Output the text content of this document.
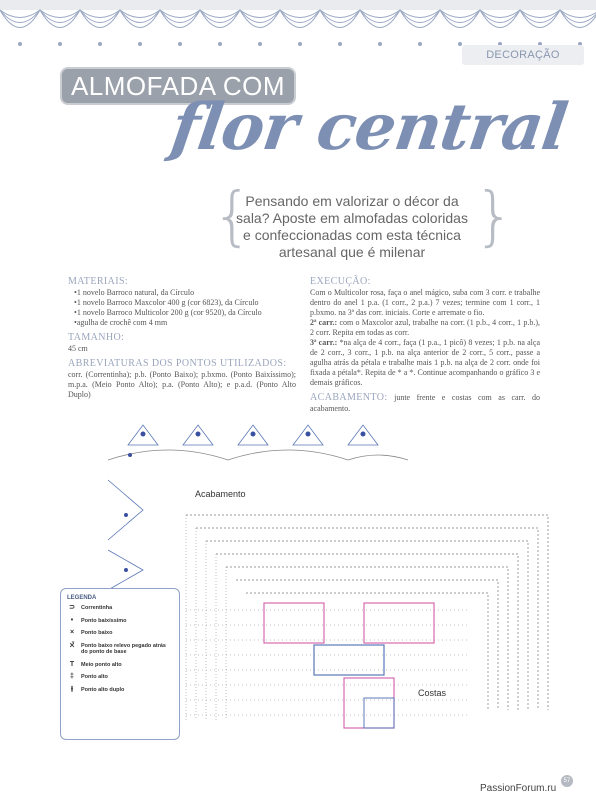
DECORAÇÃO
ALMOFADA COM
flor central
{
Pensando em valorizar o décor da sala? Aposte em almofadas coloridas e confeccionadas com esta técnica artesanal que é milenar }
MATERIAIS:
• 1 novelo Barroco natural, da Círculo
• 1 novelo Barroco Maxcolor 400 g (cor 6823), da Círculo
• 1 novelo Barroco Multicolor 200 g (cor 9520), da Círculo
• agulha de crochê com 4 mm
TAMANHO:

45 cm

ABREVIATURAS DOS PONTOS UTILIZADOS:

corr. (Correntinha); p.b. (Ponto Baixo); p.bxmo. (Ponto Baixíssimo); m.p.a. (Meio Ponto Alto); p.a. (Ponto Alto); e p.a.d. (Ponto Alto Duplo)

EXECUÇÃO:

Com o Multicolor rosa, faça o anel mágico, suba com 3 corr. e trabalhe dentro do anel 1 p.a. (1 corr., 2 p.a.) 7 vezes; termine com 1 corr., 1 p.bxmo. na 3ª das corr. iniciais. Corte e arremate o fio.

2ª carr.: com o Maxcolor azul, trabalhe na corr. (1 p.b., 4 corr., 1 p.b.), 2 corr. Repita em todas as corr.

3ª carr.: *na alça de 4 corr., faça (1 p.a., 1 picô) 8 vezes; 1 p.b. na alça de 2 corr., 3 corr., 1 p.b. na alça anterior de 2 corr., 5 corr., passe a agulha atrás da pétala e trabalhe mais 1 p.b. na alça de 2 corr. onde foi fixada a pétala*. Repita de * a *. Continue acompanhando o gráfico 3 e demais gráficos.

ACABAMENTO: junte frente e costas com as carr. do acabamento.

Acabamento
Costas
LEGENDA
⊃	Correntinha
•	Ponto baixíssimo
×	Ponto baixo
⨯̆	Ponto baixo relevo pegado atrás do ponto de base
T	Meio ponto alto
‡	Ponto alto
⫲	Ponto alto duplo
PassionForum.ru
57
